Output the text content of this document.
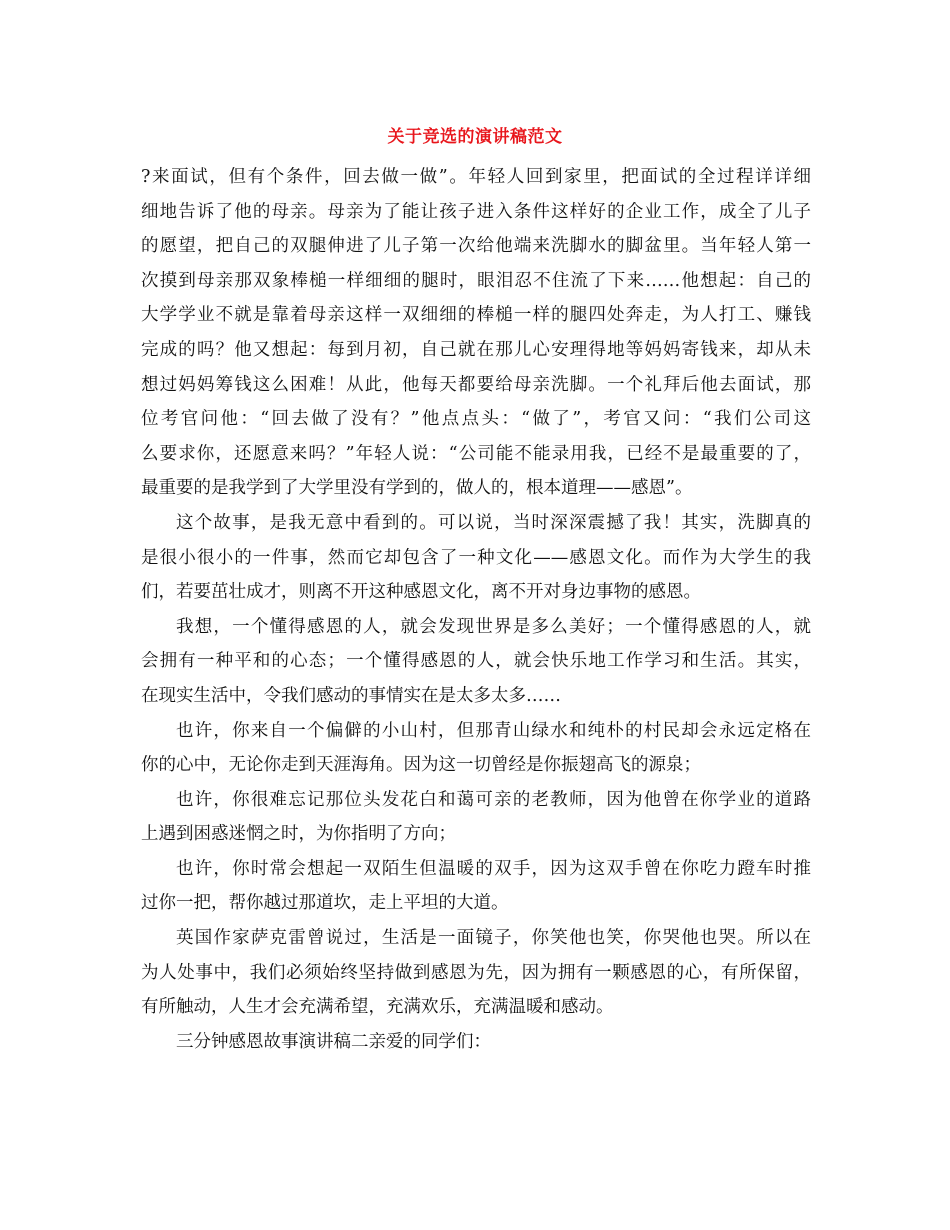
关于竞选的演讲稿范文
?来面试，但有个条件，回去做一做”。年轻人回到家里，把面试的全过程详详细
细地告诉了他的母亲。母亲为了能让孩子进入条件这样好的企业工作，成全了儿子
的愿望，把自己的双腿伸进了儿子第一次给他端来洗脚水的脚盆里。当年轻人第一
次摸到母亲那双象棒槌一样细细的腿时，眼泪忍不住流了下来……他想起：自己的
大学学业不就是靠着母亲这样一双细细的棒槌一样的腿四处奔走，为人打工、赚钱
完成的吗？他又想起：每到月初，自己就在那儿心安理得地等妈妈寄钱来，却从未
想过妈妈筹钱这么困难！从此，他每天都要给母亲洗脚。一个礼拜后他去面试，那
位考官问他：“回去做了没有？”他点点头：“做了”，考官又问：“我们公司这
么要求你，还愿意来吗？”年轻人说：“公司能不能录用我，已经不是最重要的了，
最重要的是我学到了大学里没有学到的，做人的，根本道理——感恩”。
这个故事，是我无意中看到的。可以说，当时深深震撼了我！其实，洗脚真的
是很小很小的一件事，然而它却包含了一种文化——感恩文化。而作为大学生的我
们，若要茁壮成才，则离不开这种感恩文化，离不开对身边事物的感恩。
我想，一个懂得感恩的人，就会发现世界是多么美好；一个懂得感恩的人，就
会拥有一种平和的心态；一个懂得感恩的人，就会快乐地工作学习和生活。其实，
在现实生活中，令我们感动的事情实在是太多太多……
也许，你来自一个偏僻的小山村，但那青山绿水和纯朴的村民却会永远定格在
你的心中，无论你走到天涯海角。因为这一切曾经是你振翅高飞的源泉；
也许，你很难忘记那位头发花白和蔼可亲的老教师，因为他曾在你学业的道路
上遇到困惑迷惘之时，为你指明了方向；
也许，你时常会想起一双陌生但温暖的双手，因为这双手曾在你吃力蹬车时推
过你一把，帮你越过那道坎，走上平坦的大道。
英国作家萨克雷曾说过，生活是一面镜子，你笑他也笑，你哭他也哭。所以在
为人处事中，我们必须始终坚持做到感恩为先，因为拥有一颗感恩的心，有所保留，
有所触动，人生才会充满希望，充满欢乐，充满温暖和感动。
三分钟感恩故事演讲稿二亲爱的同学们：
